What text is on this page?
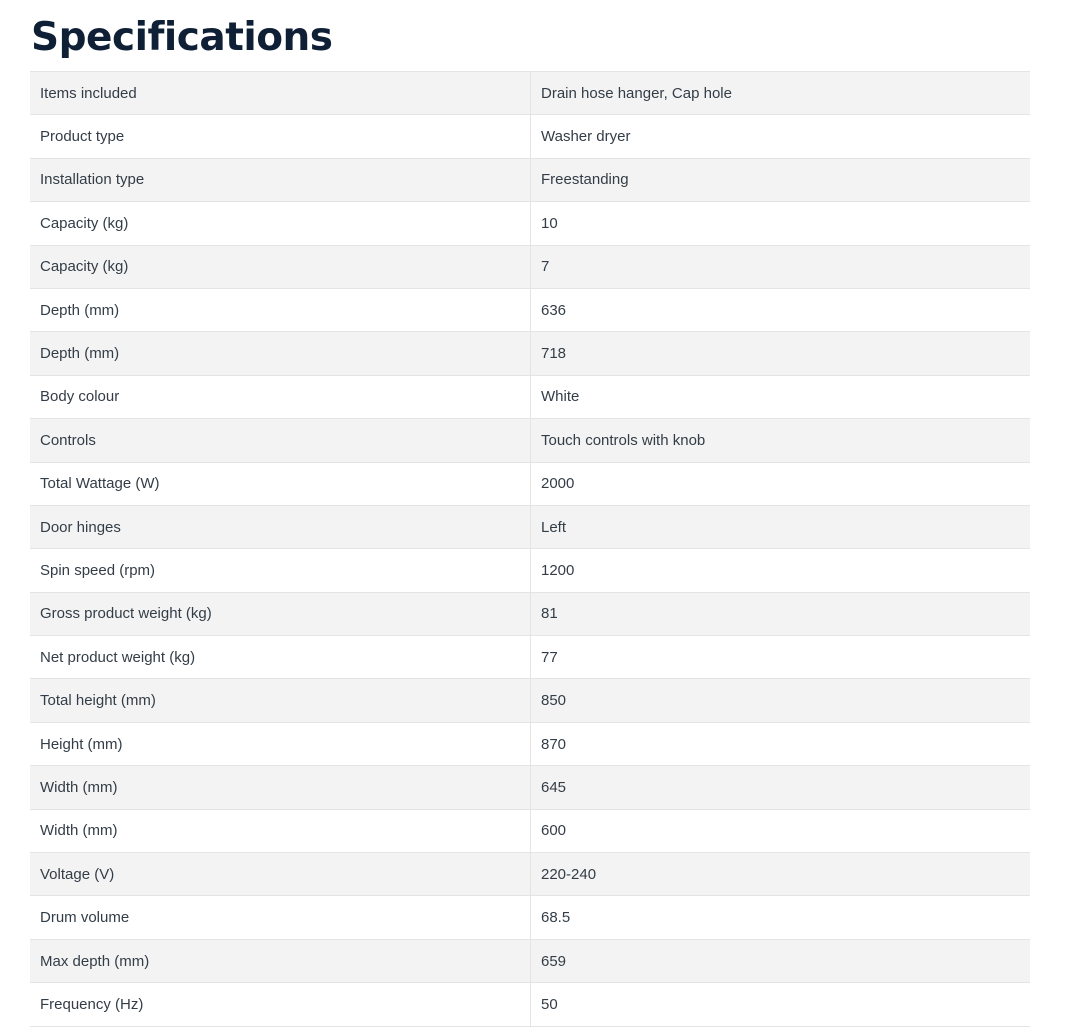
Specifications
Items included	Drain hose hanger, Cap hole
Product type	Washer dryer
Installation type	Freestanding
Capacity (kg)	10
Capacity (kg)	7
Depth (mm)	636
Depth (mm)	718
Body colour	White
Controls	Touch controls with knob
Total Wattage (W)	2000
Door hinges	Left
Spin speed (rpm)	1200
Gross product weight (kg)	81
Net product weight (kg)	77
Total height (mm)	850
Height (mm)	870
Width (mm)	645
Width (mm)	600
Voltage (V)	220-240
Drum volume	68.5
Max depth (mm)	659
Frequency (Hz)	50
